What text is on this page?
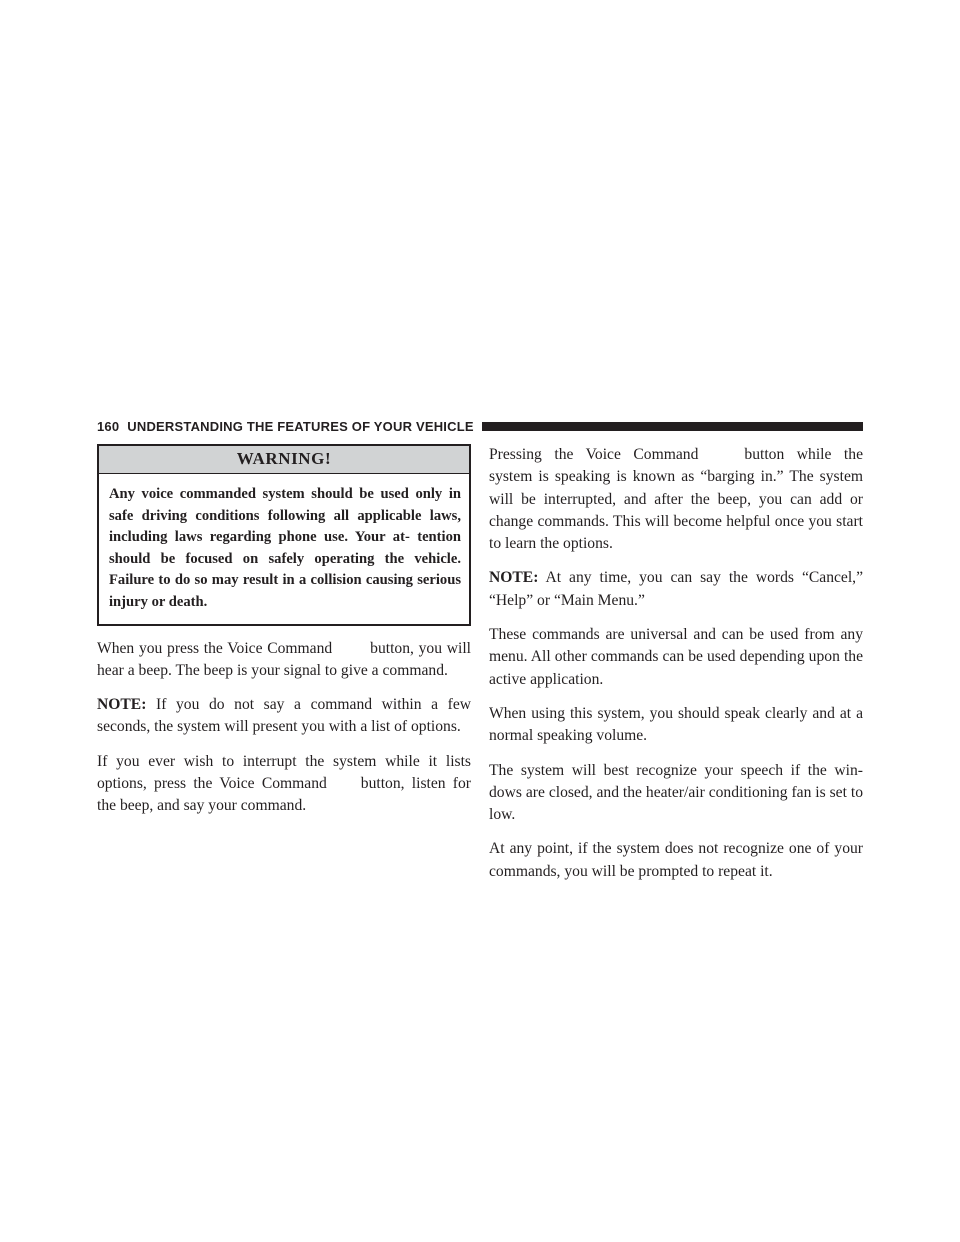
160 UNDERSTANDING THE FEATURES OF YOUR VEHICLE
WARNING!
Any voice commanded system should be used only in safe driving conditions following all applicable laws, including laws regarding phone use. Your at- tention should be focused on safely operating the vehicle. Failure to do so may result in a collision causing serious injury or death.

When you press the Voice Command button, you will hear a beep. The beep is your signal to give a command.

NOTE: If you do not say a command within a few seconds, the system will present you with a list of options.

If you ever wish to interrupt the system while it lists options, press the Voice Command button, listen for the beep, and say your command.

Pressing the Voice Command	button while the system is speaking is known as “barging in.” The system will be interrupted, and after the beep, you can add or change commands. This will become helpful once you start to learn the options.

NOTE: At any time, you can say the words “Cancel,” “Help” or “Main Menu.”

These commands are universal and can be used from any menu. All other commands can be used depending upon the active application.

When using this system, you should speak clearly and at a normal speaking volume.

The system will best recognize your speech if the win- dows are closed, and the heater/air conditioning fan is set to low.

At any point, if the system does not recognize one of your commands, you will be prompted to repeat it.
